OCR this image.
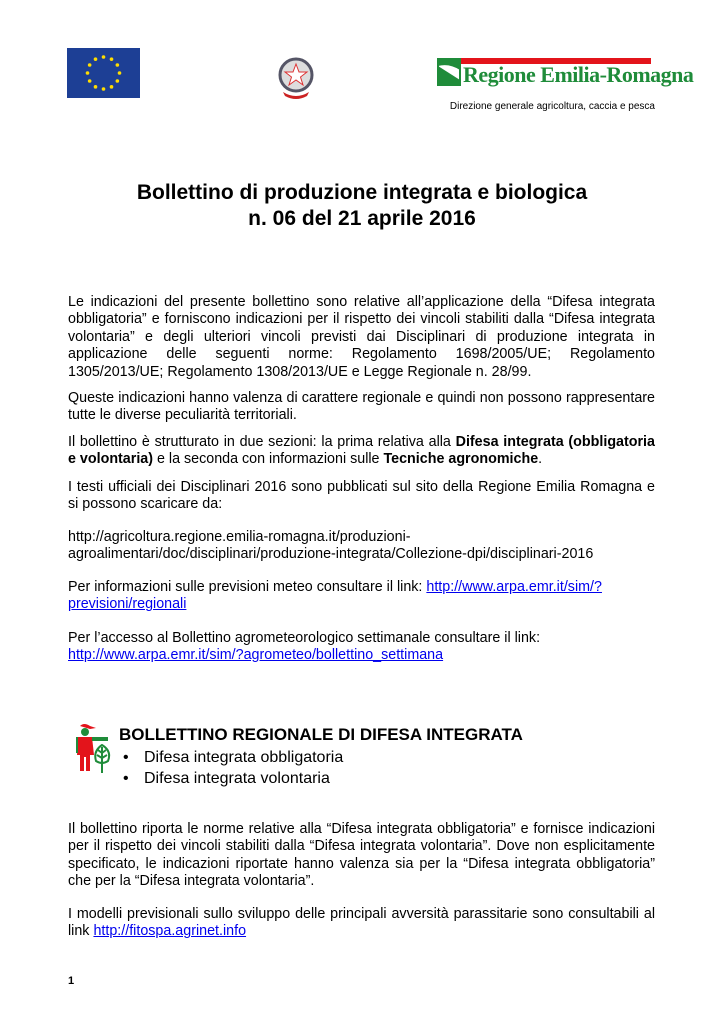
Regione Emilia-Romagna
Direzione generale agricoltura, caccia e pesca
Bollettino di produzione integrata e biologica
n. 06 del 21 aprile 2016
Le indicazioni del presente bollettino sono relative all’applicazione della “Difesa integrata obbligatoria” e forniscono indicazioni per il rispetto dei vincoli stabiliti dalla “Difesa integrata volontaria” e degli ulteriori vincoli previsti dai Disciplinari di produzione integrata in applicazione delle seguenti norme: Regolamento 1698/2005/UE; Regolamento 1305/2013/UE; Regolamento 1308/2013/UE e Legge Regionale n. 28/99.
Queste indicazioni hanno valenza di carattere regionale e quindi non possono rappresentare tutte le diverse peculiarità territoriali.
Il bollettino è strutturato in due sezioni: la prima relativa alla Difesa integrata (obbligatoria e volontaria) e la seconda con informazioni sulle Tecniche agronomiche.
I testi ufficiali dei Disciplinari 2016 sono pubblicati sul sito della Regione Emilia Romagna e si possono scaricare da:
http://agricoltura.regione.emilia-romagna.it/produzioni-
agroalimentari/doc/disciplinari/produzione-integrata/Collezione-dpi/disciplinari-2016
Per informazioni sulle previsioni meteo consultare il link: http://www.arpa.emr.it/sim/?previsioni/regionali
Per l’accesso al Bollettino agrometeorologico settimanale consultare il link:
http://www.arpa.emr.it/sim/?agrometeo/bollettino_settimana
BOLLETTINO REGIONALE DI DIFESA INTEGRATA
• Difesa integrata obbligatoria
• Difesa integrata volontaria
Il bollettino riporta le norme relative alla “Difesa integrata obbligatoria” e fornisce indicazioni per il rispetto dei vincoli stabiliti dalla “Difesa integrata volontaria”. Dove non esplicitamente specificato, le indicazioni riportate hanno valenza sia per la “Difesa integrata obbligatoria” che per la “Difesa integrata volontaria”.
I modelli previsionali sullo sviluppo delle principali avversità parassitarie sono consultabili al link http://fitospa.agrinet.info
1
